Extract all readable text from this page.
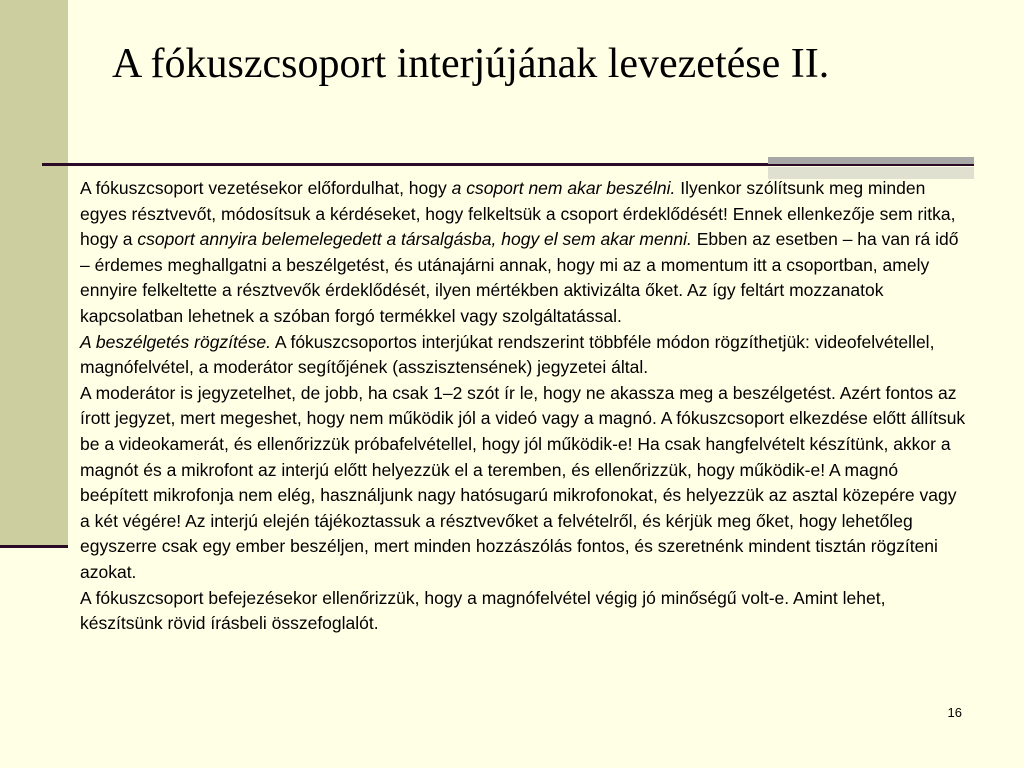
A fókuszcsoport interjújának levezetése II.

A fókuszcsoport vezetésekor előfordulhat, hogy a csoport nem akar beszélni. Ilyenkor szólítsunk meg minden egyes résztvevőt, módosítsuk a kérdéseket, hogy felkeltsük a csoport érdeklődését! Ennek ellenkezője sem ritka, hogy a csoport annyira belemelegedett a társalgásba, hogy el sem akar menni. Ebben az esetben – ha van rá idő – érdemes meghallgatni a beszélgetést, és utánajárni annak, hogy mi az a momentum itt a csoportban, amely ennyire felkeltette a résztvevők érdeklődését, ilyen mértékben aktivizálta őket. Az így feltárt mozzanatok kapcsolatban lehetnek a szóban forgó termékkel vagy szolgáltatással.

A beszélgetés rögzítése. A fókuszcsoportos interjúkat rendszerint többféle módon rögzíthetjük: videofelvétellel, magnófelvétel, a moderátor segítőjének (asszisztensének) jegyzetei által.

A moderátor is jegyzetelhet, de jobb, ha csak 1–2 szót ír le, hogy ne akassza meg a beszélgetést. Azért fontos az írott jegyzet, mert megeshet, hogy nem működik jól a videó vagy a magnó. A fókuszcsoport elkezdése előtt állítsuk be a videokamerát, és ellenőrizzük próbafelvétellel, hogy jól működik-e! Ha csak hangfelvételt készítünk, akkor a magnót és a mikrofont az interjú előtt helyezzük el a teremben, és ellenőrizzük, hogy működik-e! A magnó beépített mikrofonja nem elég, használjunk nagy hatósugarú mikrofonokat, és helyezzük az asztal közepére vagy a két végére! Az interjú elején tájékoztassuk a résztvevőket a felvételről, és kérjük meg őket, hogy lehetőleg egyszerre csak egy ember beszéljen, mert minden hozzászólás fontos, és szeretnénk mindent tisztán rögzíteni azokat.

A fókuszcsoport befejezésekor ellenőrizzük, hogy a magnófelvétel végig jó minőségű volt-e. Amint lehet, készítsünk rövid írásbeli összefoglalót.

16
